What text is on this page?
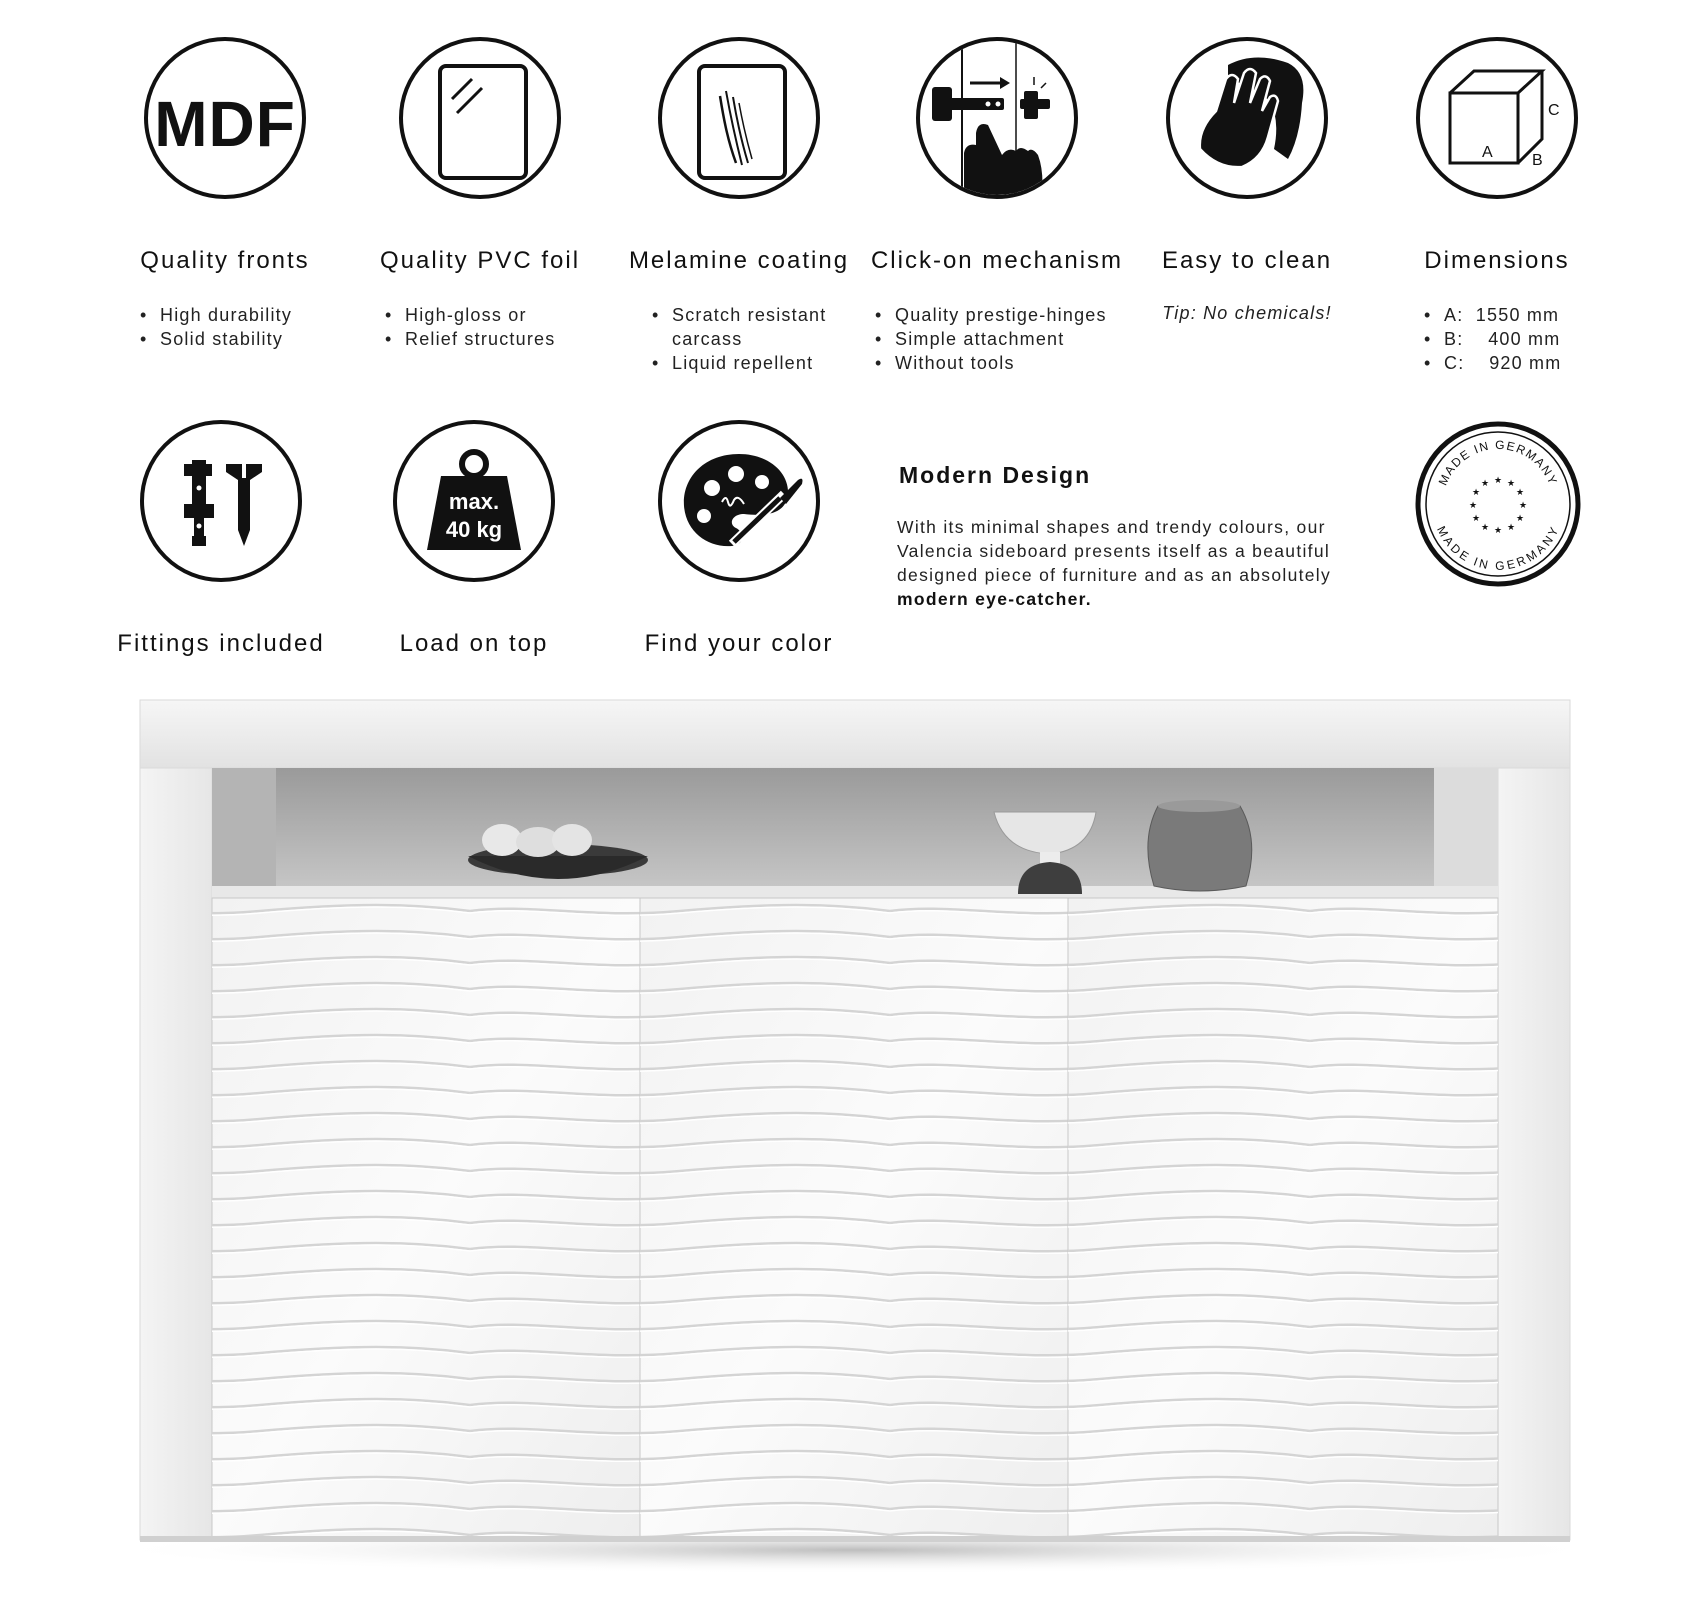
MDF
Quality fronts
• High durability
• Solid stability
Quality PVC foil
• High-gloss or
• Relief structures
Melamine coating
• Scratch resistant carcass
• Liquid repellent
Click-on mechanism
• Quality prestige-hinges
• Simple attachment
• Without tools
Easy to clean
Tip: No chemicals!
A B
C
Dimensions
• A:  1550 mm
• B:    400 mm
• C:    920 mm
Fittings included
max.
40 kg
Load on top	Find your color
Modern Design

With its minimal shapes and trendy colours, our Valencia sideboard presents itself as a beautiful designed piece of furniture and as an absolutely modern eye-catcher.

MADE IN GERMANY
MADE IN GERMANY
★ ★
★
★
★
★
★
★
★
★
★
★
